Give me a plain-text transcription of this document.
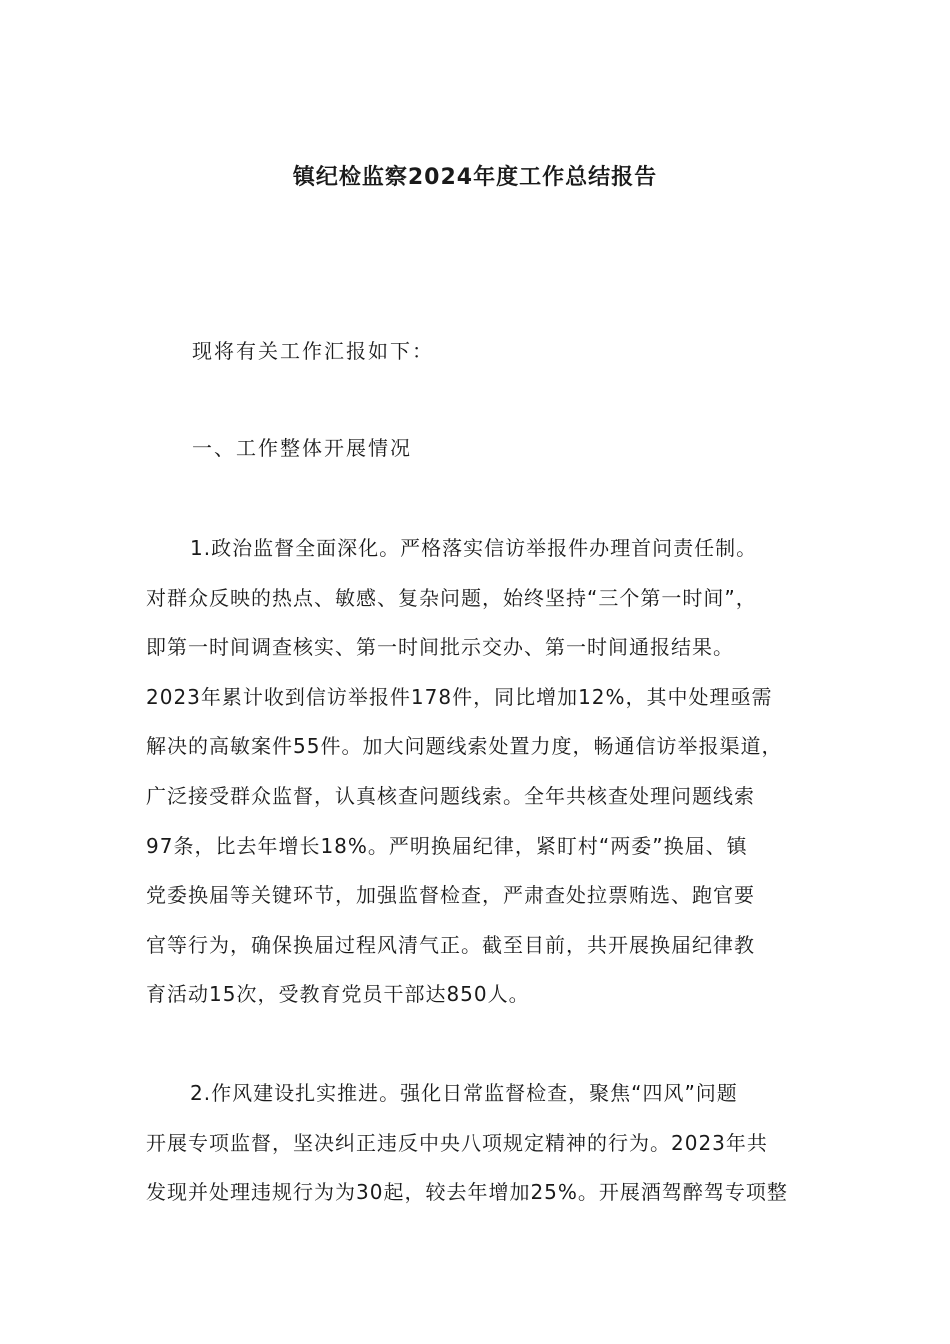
镇纪检监察2024年度工作总结报告
现将有关工作汇报如下：
一、工作整体开展情况
1.政治监督全面深化。严格落实信访举报件办理首问责任制。
对群众反映的热点、敏感、复杂问题，始终坚持“三个第一时间”，
即第一时间调查核实、第一时间批示交办、第一时间通报结果。
2023年累计收到信访举报件178件，同比增加12%，其中处理亟需
解决的高敏案件55件。加大问题线索处置力度，畅通信访举报渠道，
广泛接受群众监督，认真核查问题线索。全年共核查处理问题线索
97条，比去年增长18%。严明换届纪律，紧盯村“两委”换届、镇
党委换届等关键环节，加强监督检查，严肃查处拉票贿选、跑官要
官等行为，确保换届过程风清气正。截至目前，共开展换届纪律教
育活动15次，受教育党员干部达850人。
2.作风建设扎实推进。强化日常监督检查，聚焦“四风”问题
开展专项监督，坚决纠正违反中央八项规定精神的行为。2023年共
发现并处理违规行为为30起，较去年增加25%。开展酒驾醉驾专项整
